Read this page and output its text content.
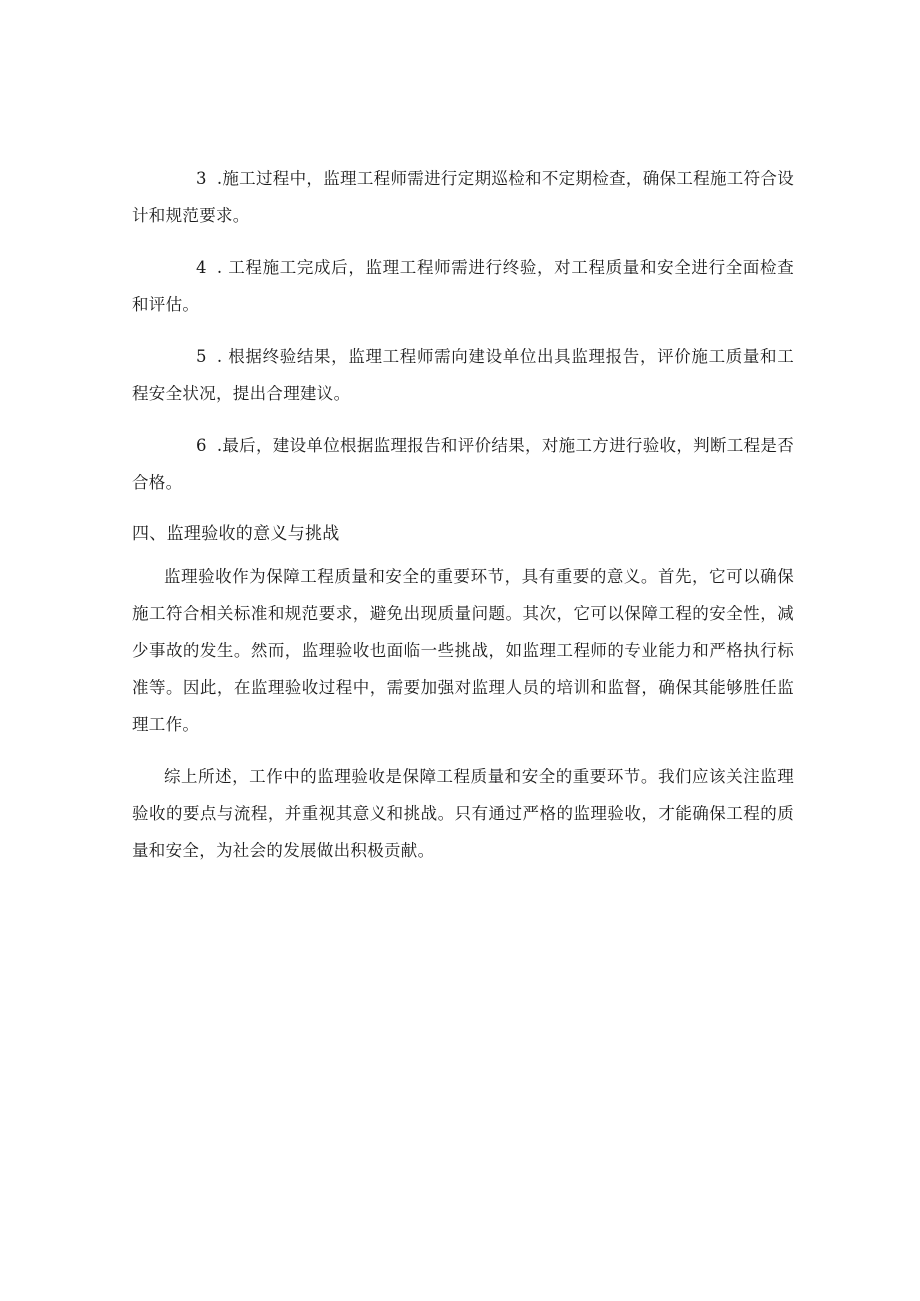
3 .施工过程中，监理工程师需进行定期巡检和不定期检查，确保工程施工符合设计和规范要求。

4 . 工程施工完成后，监理工程师需进行终验，对工程质量和安全进行全面检查和评估。

5 . 根据终验结果，监理工程师需向建设单位出具监理报告，评价施工质量和工程安全状况，提出合理建议。

6 .最后，建设单位根据监理报告和评价结果，对施工方进行验收，判断工程是否合格。

四、监理验收的意义与挑战

监理验收作为保障工程质量和安全的重要环节，具有重要的意义。首先，它可以确保施工符合相关标准和规范要求，避免出现质量问题。其次，它可以保障工程的安全性，减少事故的发生。然而，监理验收也面临一些挑战，如监理工程师的专业能力和严格执行标准等。因此，在监理验收过程中，需要加强对监理人员的培训和监督，确保其能够胜任监理工作。

综上所述，工作中的监理验收是保障工程质量和安全的重要环节。我们应该关注监理验收的要点与流程，并重视其意义和挑战。只有通过严格的监理验收，才能确保工程的质量和安全，为社会的发展做出积极贡献。
